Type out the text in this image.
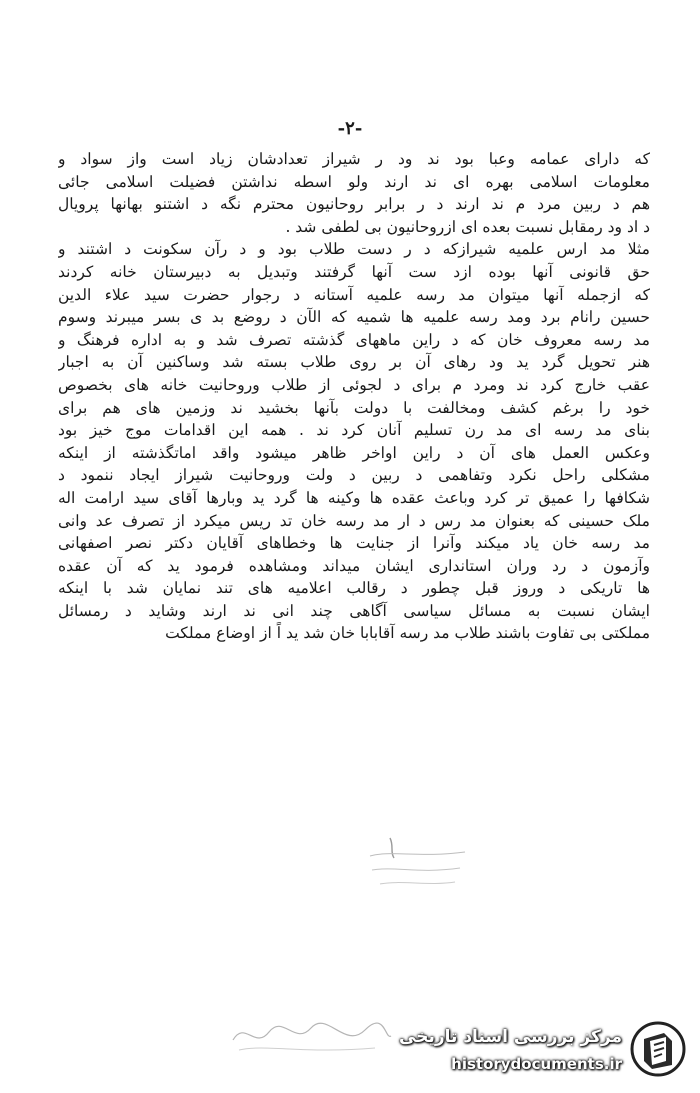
-٢-

که دارای عمامه وعبا بود ند ود ر شیراز تعدادشان زیاد است واز سواد و

معلومات اسلامی بهره ای ند ارند ولو اسطه نداشتن فضیلت اسلامی جائی

هم د ربین مرد م ند ارند د ر برابر روحانیون محترم نگه د اشتنو بهانها پرویال

د اد ود رمقابل نسبت بعده ای ازروحانیون بی لطفی شد .

مثلا مد ارس علمیه شیرازکه د ر دست طلاب بود و د رآن سکونت د اشتند و

حق قانونی آنها بوده ازد ست آنها گرفتند وتبدیل به دبیرستان خانه کردند

که ازجمله آنها میتوان مد رسه علمیه آستانه د رجوار حضرت سید علاء الدین

حسین رانام برد ومد رسه علمیه ها شمیه که الآن د روضع بد ی بسر میبرند وسوم

مد رسه معروف خان که د راین ماههای گذشته تصرف شد و به اداره فرهنگ و

هنر تحویل گرد ید ود رهای آن بر روی طلاب بسته شد وساکنین آن به اجبار

عقب خارج کرد ند ومرد م برای د لجوئی از طلاب وروحانیت خانه های بخصوص

خود را برغم کشف ومخالفت با دولت بآنها بخشید ند وزمین های هم برای

بنای مد رسه ای مد رن تسلیم آنان کرد ند . همه این اقدامات موج خیز بود

وعکس العمل های آن د راین اواخر ظاهر میشود واقد اماتگذشته از اینکه

مشکلی راحل نکرد وتفاهمی د ربین د ولت وروحانیت شیراز ایجاد ننمود د

شکافها را عمیق تر کرد وباعث عقده ها وکینه ها گرد ید وبارها آقای سید ارامت اله

ملک حسینی که بعنوان مد رس د ار مد رسه خان تد ریس میکرد از تصرف عد وانی

مد رسه خان یاد میکند وآنرا از جنایت ها وخطاهای آقایان دکتر نصر اصفهانی

وآزمون د رد وران استانداری ایشان میداند ومشاهده فرمود ید که آن عقده

ها تاریکی د وروز قبل چطور د رقالب اعلامیه های تند نمایان شد با اینکه

ایشان نسبت به مسائل سیاسی آگاهی چند انی ند ارند وشاید د رمسائل

مملکتی بی تفاوت باشند طلاب مد رسه آقابابا خان شد ید اً از اوضاع مملکت

مرکز بررسی اسناد تاریخی
historydocuments.ir
